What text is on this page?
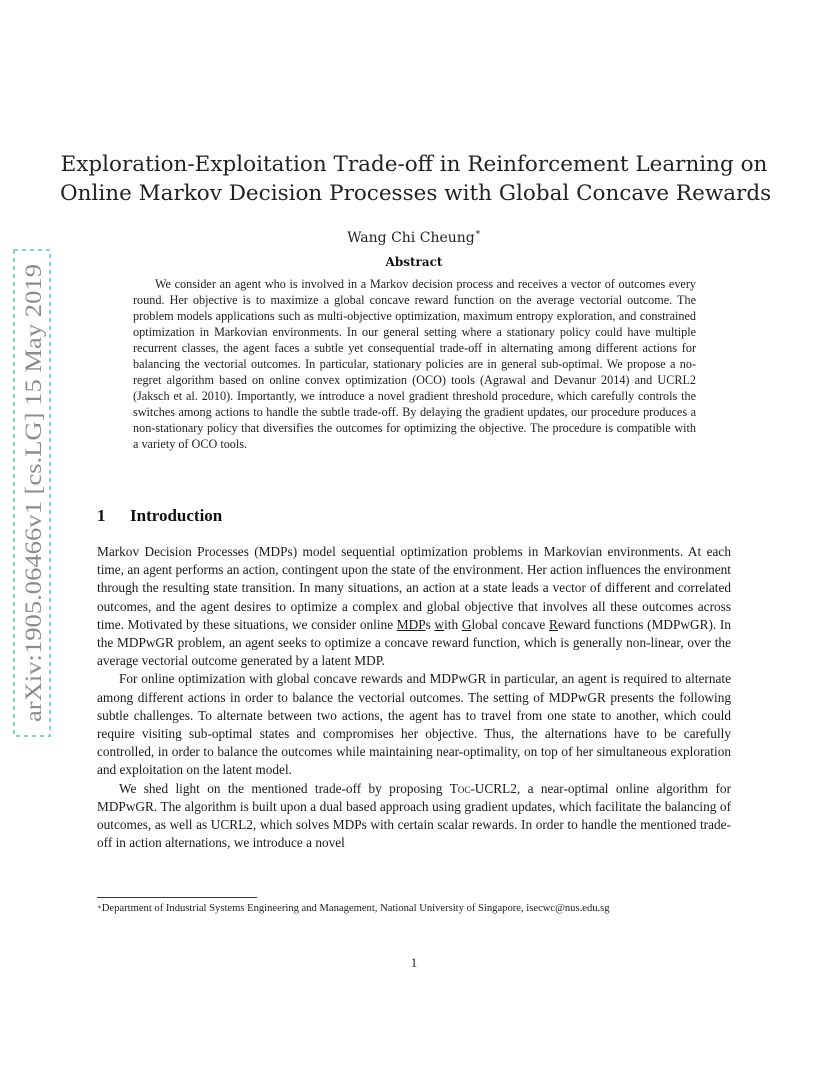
arXiv:1905.06466v1 [cs.LG] 15 May 2019
Exploration-Exploitation Trade-off in Reinforcement Learning on
Online Markov Decision Processes with Global Concave Rewards
Wang Chi Cheung∗
Abstract

We consider an agent who is involved in a Markov decision process and receives a vector of outcomes every round. Her objective is to maximize a global concave reward function on the average vectorial outcome. The problem models applications such as multi-objective optimization, maximum entropy exploration, and constrained optimization in Markovian environments. In our general setting where a stationary policy could have multiple recurrent classes, the agent faces a subtle yet consequential trade-off in alternating among different actions for balancing the vectorial outcomes. In particular, stationary policies are in general sub-optimal. We propose a no-regret algorithm based on online convex optimization (OCO) tools (Agrawal and Devanur 2014) and UCRL2 (Jaksch et al. 2010). Importantly, we introduce a novel gradient threshold procedure, which carefully controls the switches among actions to handle the subtle trade-off. By delaying the gradient updates, our procedure produces a non-stationary policy that diversifies the outcomes for optimizing the objective. The procedure is compatible with a variety of OCO tools.

1 Introduction

Markov Decision Processes (MDPs) model sequential optimization problems in Markovian environments. At each time, an agent performs an action, contingent upon the state of the environment. Her action influences the environment through the resulting state transition. In many situations, an action at a state leads a vector of different and correlated outcomes, and the agent desires to optimize a complex and global objective that involves all these outcomes across time. Motivated by these situations, we consider online MDPs with Global concave Reward functions (MDPwGR). In the MDPwGR problem, an agent seeks to optimize a concave reward function, which is generally non-linear, over the average vectorial outcome generated by a latent MDP.

For online optimization with global concave rewards and MDPwGR in particular, an agent is required to alternate among different actions in order to balance the vectorial outcomes. The setting of MDPwGR presents the following subtle challenges. To alternate between two actions, the agent has to travel from one state to another, which could require visiting sub-optimal states and compromises her objective. Thus, the alternations have to be carefully controlled, in order to balance the outcomes while maintaining near-optimality, on top of her simultaneous exploration and exploitation on the latent model.

We shed light on the mentioned trade-off by proposing Toc-UCRL2, a near-optimal online algorithm for MDPwGR. The algorithm is built upon a dual based approach using gradient updates, which facilitate the balancing of outcomes, as well as UCRL2, which solves MDPs with certain scalar rewards. In order to handle the mentioned trade-off in action alternations, we introduce a novel

∗Department of Industrial Systems Engineering and Management, National University of Singapore, isecwc@nus.edu.sg
1
